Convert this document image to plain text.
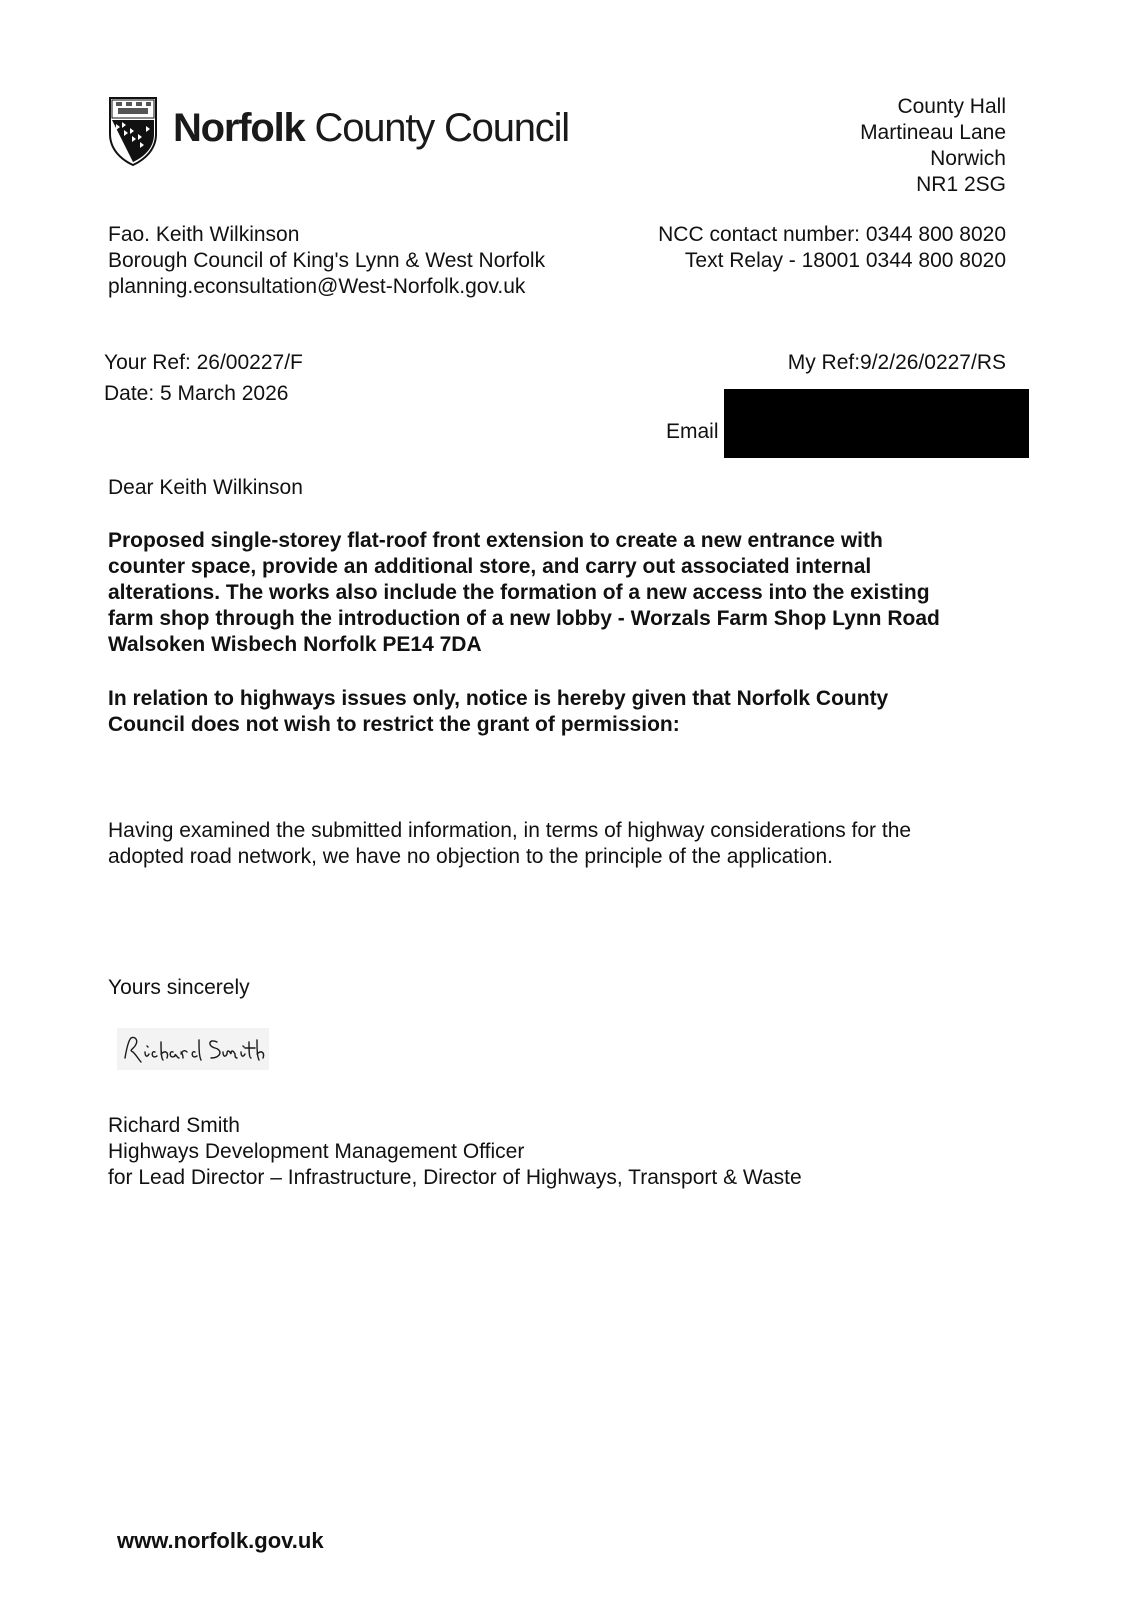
Norfolk County Council	County Hall
Martineau Lane
Norwich
NR1 2SG
Fao. Keith Wilkinson
Borough Council of King's Lynn & West Norfolk
planning.econsultation@West-Norfolk.gov.uk
NCC contact number: 0344 800 8020
Text Relay - 18001 0344 800 8020
Your Ref: 26/00227/F
Date: 5 March 2026
My Ref:9/2/26/0227/RS
Email
Dear Keith Wilkinson
Proposed single-storey flat-roof front extension to create a new entrance with
counter space, provide an additional store, and carry out associated internal
alterations. The works also include the formation of a new access into the existing
farm shop through the introduction of a new lobby - Worzals Farm Shop Lynn Road
Walsoken Wisbech Norfolk PE14 7DA
In relation to highways issues only, notice is hereby given that Norfolk County
Council does not wish to restrict the grant of permission:
Having examined the submitted information, in terms of highway considerations for the
adopted road network, we have no objection to the principle of the application.
Yours sincerely
Richard Smith
Highways Development Management Officer
for Lead Director – Infrastructure, Director of Highways, Transport & Waste
www.norfolk.gov.uk
